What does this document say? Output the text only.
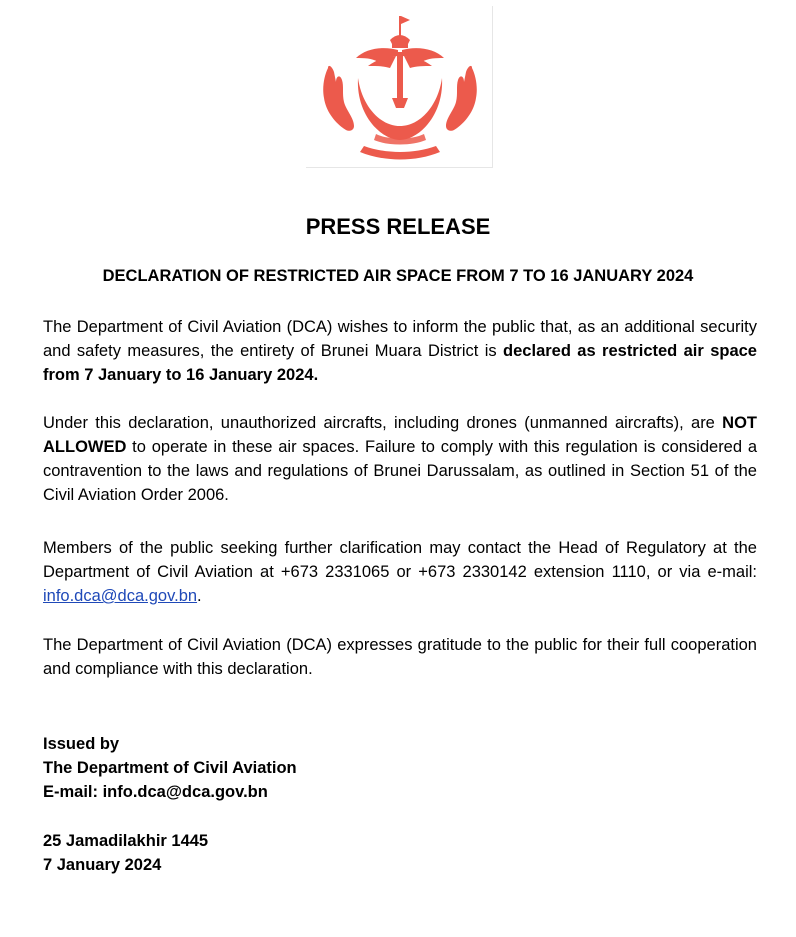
PRESS RELEASE
DECLARATION OF RESTRICTED AIR SPACE FROM 7 TO 16 JANUARY 2024

The Department of Civil Aviation (DCA) wishes to inform the public that, as an additional security and safety measures, the entirety of Brunei Muara District is declared as restricted air space from 7 January to 16 January 2024.

Under this declaration, unauthorized aircrafts, including drones (unmanned aircrafts), are NOT ALLOWED to operate in these air spaces. Failure to comply with this regulation is considered a contravention to the laws and regulations of Brunei Darussalam, as outlined in Section 51 of the Civil Aviation Order 2006.

Members of the public seeking further clarification may contact the Head of Regulatory at the Department of Civil Aviation at +673 2331065 or +673 2330142 extension 1110, or via e-mail: info.dca@dca.gov.bn.

The Department of Civil Aviation (DCA) expresses gratitude to the public for their full cooperation and compliance with this declaration.

Issued by
The Department of Civil Aviation
E-mail: info.dca@dca.gov.bn
25 Jamadilakhir 1445
7 January 2024
